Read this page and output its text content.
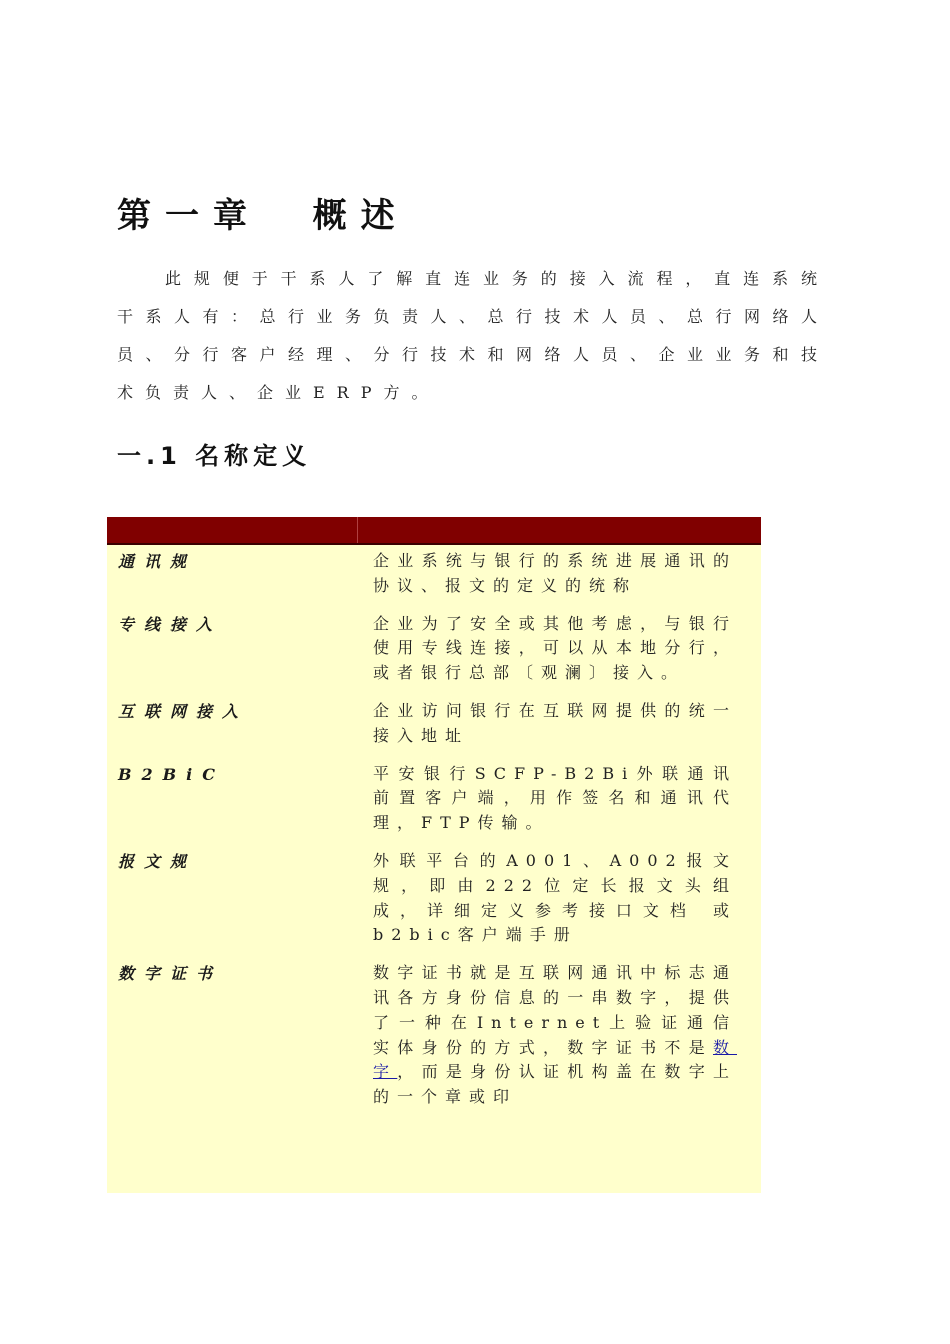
第一章  概述

此规便于干系人了解直连业务的接入流程，直连系统干系人有：总行业务负责人、总行技术人员、总行网络人员、分行客户经理、分行技术和网络人员、企业业务和技术负责人、企业ERP方。

一.1 名称定义
通讯规	企业系统与银行的系统进展通讯的协议、报文的定义的统称
专线接入	企业为了安全或其他考虑，与银行使用专线连接，可以从本地分行，或者银行总部〔观澜〕接入。
互联网接入	企业访问银行在互联网提供的统一接入地址
B2BiC	平安银行SCFP-B2Bi外联通讯前置客户端，用作签名和通讯代理，FTP传输。
报文规	外联平台的A001、A002报文规，即由222位定长报文头组成，详细定义参考接口文档 或 b2bic客户端手册
数字证书	数字证书就是互联网通讯中标志通讯各方身份信息的一串数字，提供了一种在Internet上验证通信实体身份的方式，数字证书不是数字，而是身份认证机构盖在数字上的一个章或印
